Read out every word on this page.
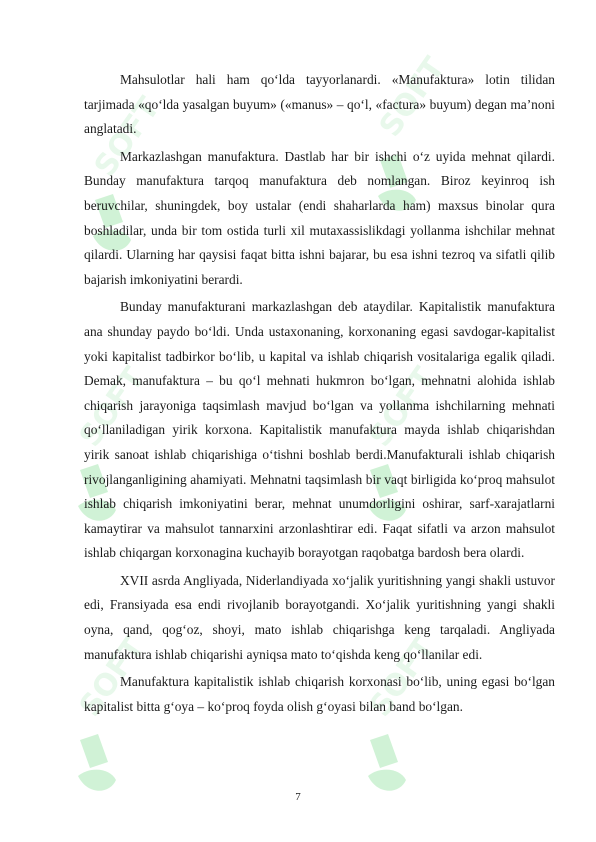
Mahsulotlar hali ham qo‘lda tayyorlanardi. «Manufaktura» lotin tilidan tarjimada «qo‘lda yasalgan buyum» («manus» – qo‘l, «factura» buyum) degan ma’noni anglatadi.

Markazlashgan manufaktura. Dastlab har bir ishchi o‘z uyida mehnat qilardi. Bunday manufaktura tarqoq manufaktura deb nomlangan. Biroz keyinroq ish beruvchilar, shuningdek, boy ustalar (endi shaharlarda ham) maxsus binolar qura boshladilar, unda bir tom ostida turli xil mutaxassislikdagi yollanma ishchilar mehnat qilardi. Ularning har qaysisi faqat bitta ishni bajarar, bu esa ishni tezroq va sifatli qilib bajarish imkoniyatini berardi.

Bunday manufakturani markazlashgan deb ataydilar. Kapitalistik manufaktura ana shunday paydo bo‘ldi. Unda ustaxonaning, korxonaning egasi savdogar-kapitalist yoki kapitalist tadbirkor bo‘lib, u kapital va ishlab chiqarish vositalariga egalik qiladi. Demak, manufaktura – bu qo‘l mehnati hukmron bo‘lgan, mehnatni alohida ishlab chiqarish jarayoniga taqsimlash mavjud bo‘lgan va yollanma ishchilarning mehnati qo‘llaniladigan yirik korxona. Kapitalistik manufaktura mayda ishlab chiqarishdan yirik sanoat ishlab chiqarishiga o‘tishni boshlab berdi.Manufakturali ishlab chiqarish rivojlanganligining ahamiyati. Mehnatni taqsimlash bir vaqt birligida ko‘proq mahsulot ishlab chiqarish imkoniyatini berar, mehnat unumdorligini oshirar, sarf-xarajatlarni kamaytirar va mahsulot tannarxini arzonlashtirar edi. Faqat sifatli va arzon mahsulot ishlab chiqargan korxonagina kuchayib borayotgan raqobatga bardosh bera olardi.

XVII asrda Angliyada, Niderlandiyada xo‘jalik yuritishning yangi shakli ustuvor edi, Fransiyada esa endi rivojlanib borayotgandi. Xo‘jalik yuritishning yangi shakli oyna, qand, qog‘oz, shoyi, mato ishlab chiqarishga keng tarqaladi. Angliyada manufaktura ishlab chiqarishi ayniqsa mato to‘qishda keng qo‘llanilar edi.

Manufaktura kapitalistik ishlab chiqarish korxonasi bo‘lib, uning egasi bo‘lgan kapitalist bitta g‘oya – ko‘proq foyda olish g‘oyasi bilan band bo‘lgan.

7
